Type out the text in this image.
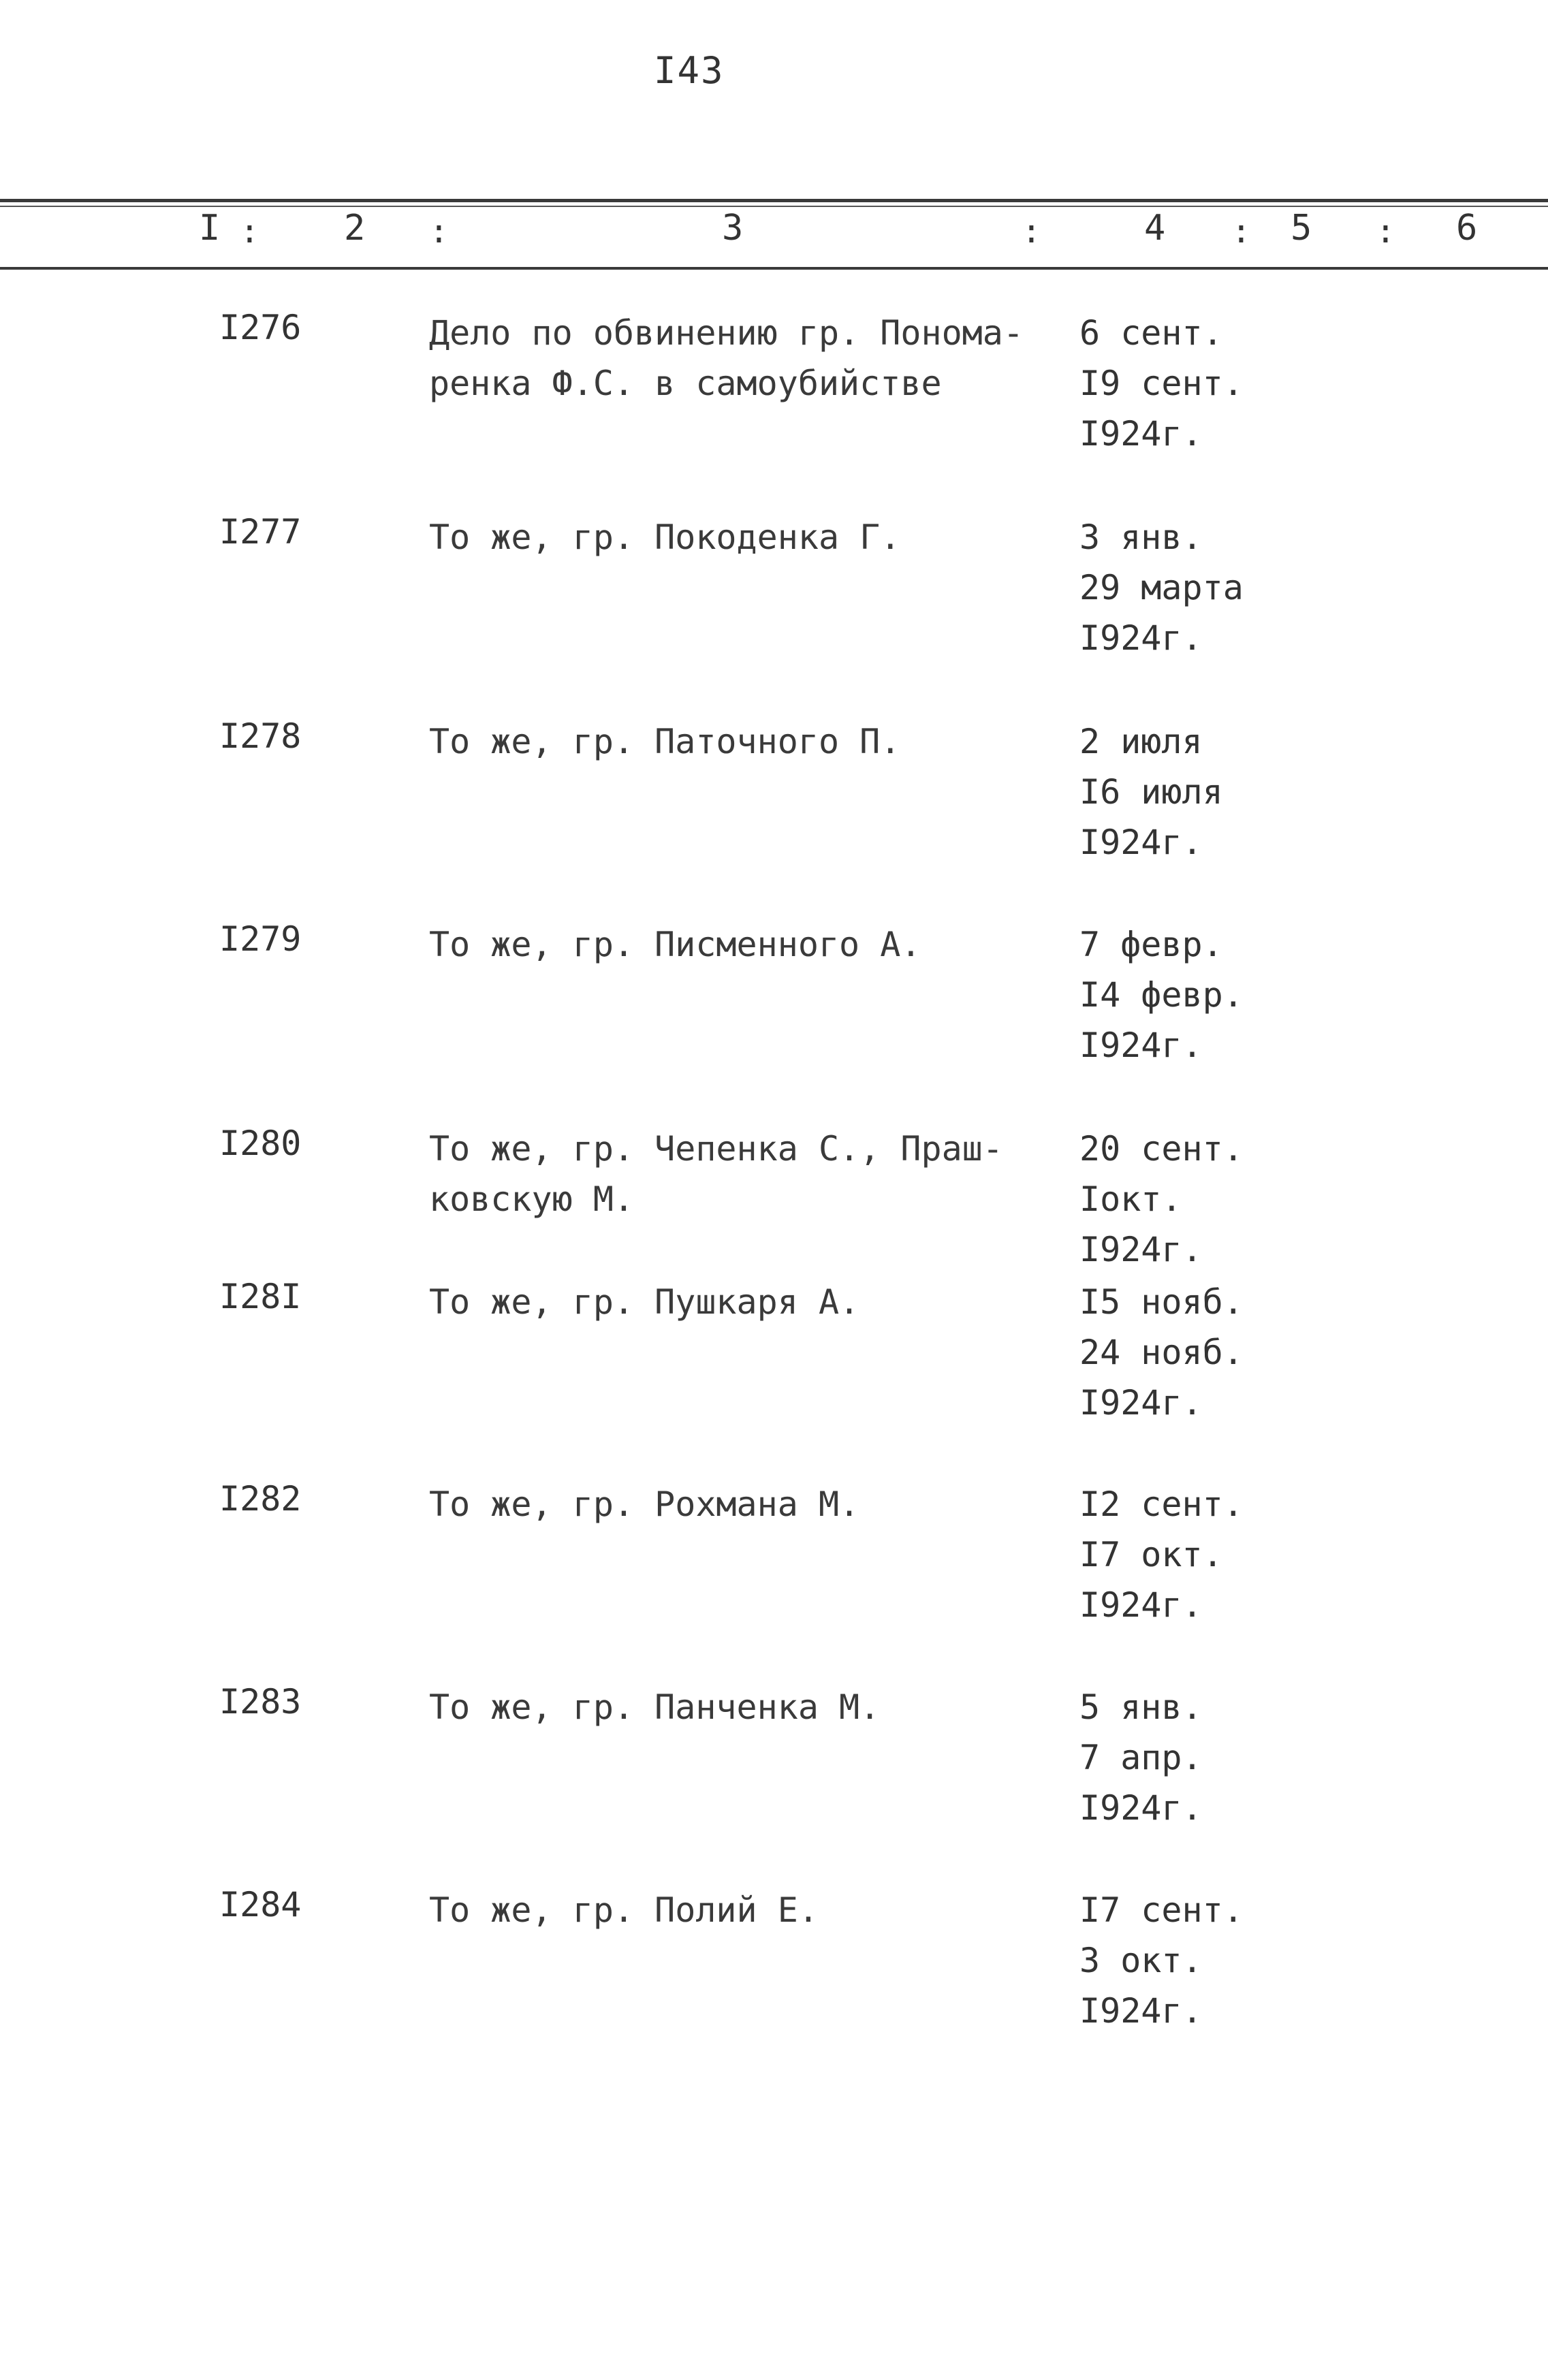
I43
I : 2 :	3	:	4 : 5 : 6
I276	Дело по обвинению гр. Понома-
ренка Ф.С. в самоубийстве
6 сент.
I9 сент.
I924г.
I277	То же, гр. Покоденка Г.	3 янв.
29 марта
I924г.
I278	То же, гр. Паточного П.	2 июля
I6 июля
I924г.
I279	То же, гр. Писменного А.	7 февр.
I4 февр.
I924г.
I280	То же, гр. Чепенка С., Праш-
ковскую М.
20 сент.
Iокт.
I924г.
I28I	То же, гр. Пушкаря А.	I5 нояб.
24 нояб.
I924г.
I282	То же, гр. Рохмана М.	I2 сент.
I7 окт.
I924г.
I283	То же, гр. Панченка М.	5 янв.
7 апр.
I924г.
I284	То же, гр. Полий Е.	I7 сент.
3 окт.
I924г.
